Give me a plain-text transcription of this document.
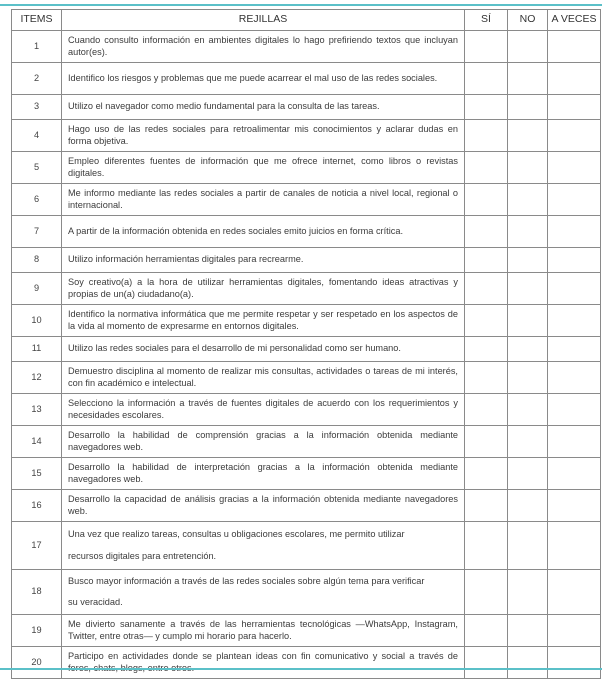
ITEMS	REJILLAS	SÍ	NO	A VECES
1	Cuando consulto información en ambientes digitales lo hago prefiriendo textos que incluyan autor(es).			
2	Identifico los riesgos y problemas que me puede acarrear el mal uso de las redes sociales.			
3	Utilizo el navegador como medio fundamental para la consulta de las tareas.			
4	Hago uso de las redes sociales para retroalimentar mis conocimientos y aclarar dudas en forma objetiva.			
5	Empleo diferentes fuentes de información que me ofrece internet, como libros o revistas digitales.			
6	Me informo mediante las redes sociales a partir de canales de noticia a nivel local, regional o internacional.			
7	A partir de la información obtenida en redes sociales emito juicios en forma crítica.			
8	Utilizo información herramientas digitales para recrearme.			
9	Soy creativo(a) a la hora de utilizar herramientas digitales, fomentando ideas atractivas y propias de un(a) ciudadano(a).			
10	Identifico la normativa informática que me permite respetar y ser respetado en los aspectos de la vida al momento de expresarme en entornos digitales.			
11	Utilizo las redes sociales para el desarrollo de mi personalidad como ser humano.			
12	Demuestro disciplina al momento de realizar mis consultas, actividades o tareas de mi interés, con fin académico e intelectual.			
13	Selecciono la información a través de fuentes digitales de acuerdo con los requerimientos y necesidades escolares.			
14	Desarrollo la habilidad de comprensión gracias a la información obtenida mediante navegadores web.			
15	Desarrollo la habilidad de interpretación gracias a la información obtenida mediante navegadores web.			
16	Desarrollo la capacidad de análisis gracias a la información obtenida mediante navegadores web.			
17	Una vez que realizo tareas, consultas u obligaciones escolares, me permito utilizar
recursos digitales para entretención.			
18	Busco mayor información a través de las redes sociales sobre algún tema para verificar
su veracidad.			
19	Me divierto sanamente a través de las herramientas tecnológicas —WhatsApp, Instagram, Twitter, entre otras— y cumplo mi horario para hacerlo.			
20	Participo en actividades donde se plantean ideas con fin comunicativo y social a través de			
